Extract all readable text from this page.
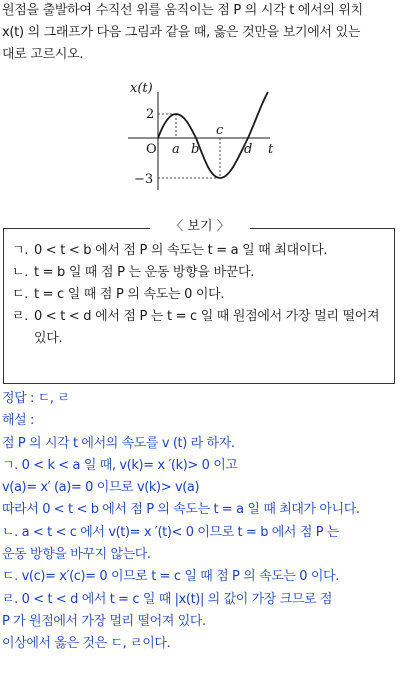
원점을 출발하여 수직선 위를 움직이는 점 P 의 시각 t 에서의 위치
x(t) 의 그래프가 다음 그림과 같을 때, 옳은 것만을 보기에서 있는
대로 고르시오.
x(t)
2
O a b
c
d t
−3
〈 보기 〉
ㄱ. 0 < t < b 에서 점 P 의 속도는 t = a 일 때 최대이다.
ㄴ. t = b 일 때 점 P 는 운동 방향을 바꾼다.
ㄷ. t = c 일 때 점 P 의 속도는 0 이다.
ㄹ. 0 < t < d 에서 점 P 는 t = c 일 때 원점에서 가장 멀리 떨어져 있다.
정답 : ㄷ, ㄹ
해설 :
점 P 의 시각 t 에서의 속도를 v (t) 라 하자.
ㄱ. 0 < k < a 일 때, v(k)= x ′(k)> 0 이고
v(a)= x′ (a)= 0 이므로 v(k)> v(a)
따라서 0 < t < b 에서 점 P 의 속도는 t = a 일 때 최대가 아니다.
ㄴ. a < t < c 에서 v(t)= x ′(t)< 0 이므로 t = b 에서 점 P 는
운동 방향을 바꾸지 않는다.
ㄷ. v(c)= x′(c)= 0 이므로 t = c 일 때 점 P 의 속도는 0 이다.
ㄹ. 0 < t < d 에서 t = c 일 때 |x(t)| 의 값이 가장 크므로 점
P 가 원점에서 가장 멀리 떨어져 있다.
이상에서 옳은 것은 ㄷ, ㄹ이다.
